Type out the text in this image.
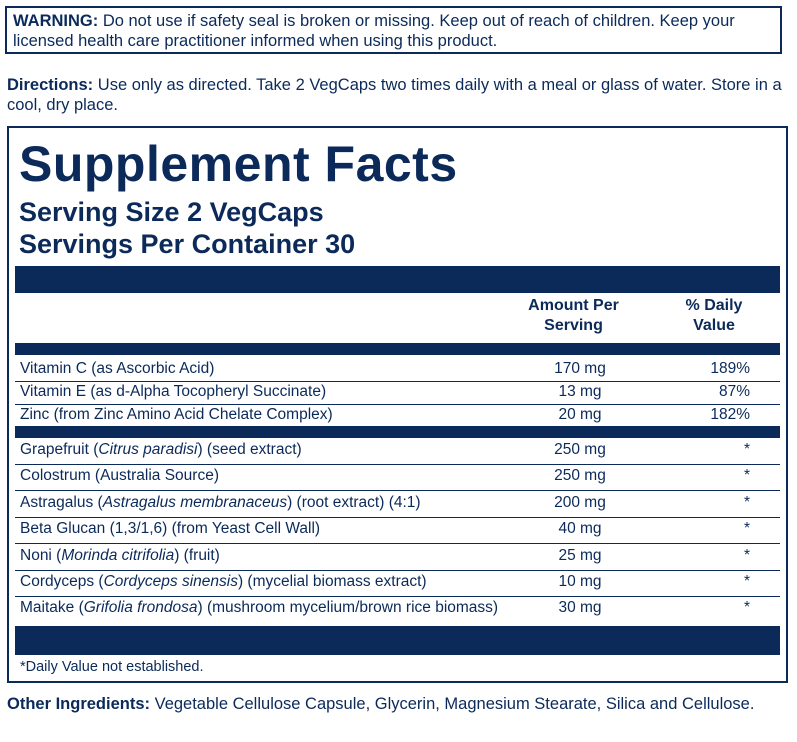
WARNING: Do not use if safety seal is broken or missing. Keep out of reach of children. Keep your licensed health care practitioner informed when using this product.
Directions: Use only as directed. Take 2 VegCaps two times daily with a meal or glass of water. Store in a cool, dry place.
Supplement Facts
Serving Size 2 VegCaps
Servings Per Container 30
Amount Per Serving
% Daily Value
Vitamin C (as Ascorbic Acid)	170 mg	189%
Vitamin E (as d-Alpha Tocopheryl Succinate)	13 mg	87%
Zinc (from Zinc Amino Acid Chelate Complex)	20 mg	182%
Grapefruit (Citrus paradisi) (seed extract)	250 mg	*
Colostrum (Australia Source)	250 mg	*
Astragalus (Astragalus membranaceus) (root extract) (4:1)	200 mg	*
Beta Glucan (1,3/1,6) (from Yeast Cell Wall)	40 mg	*
Noni (Morinda citrifolia) (fruit)	25 mg	*
Cordyceps (Cordyceps sinensis) (mycelial biomass extract)	10 mg	*
Maitake (Grifolia frondosa) (mushroom mycelium/brown rice biomass)	30 mg	*
*Daily Value not established.
Other Ingredients: Vegetable Cellulose Capsule, Glycerin, Magnesium Stearate, Silica and Cellulose.
